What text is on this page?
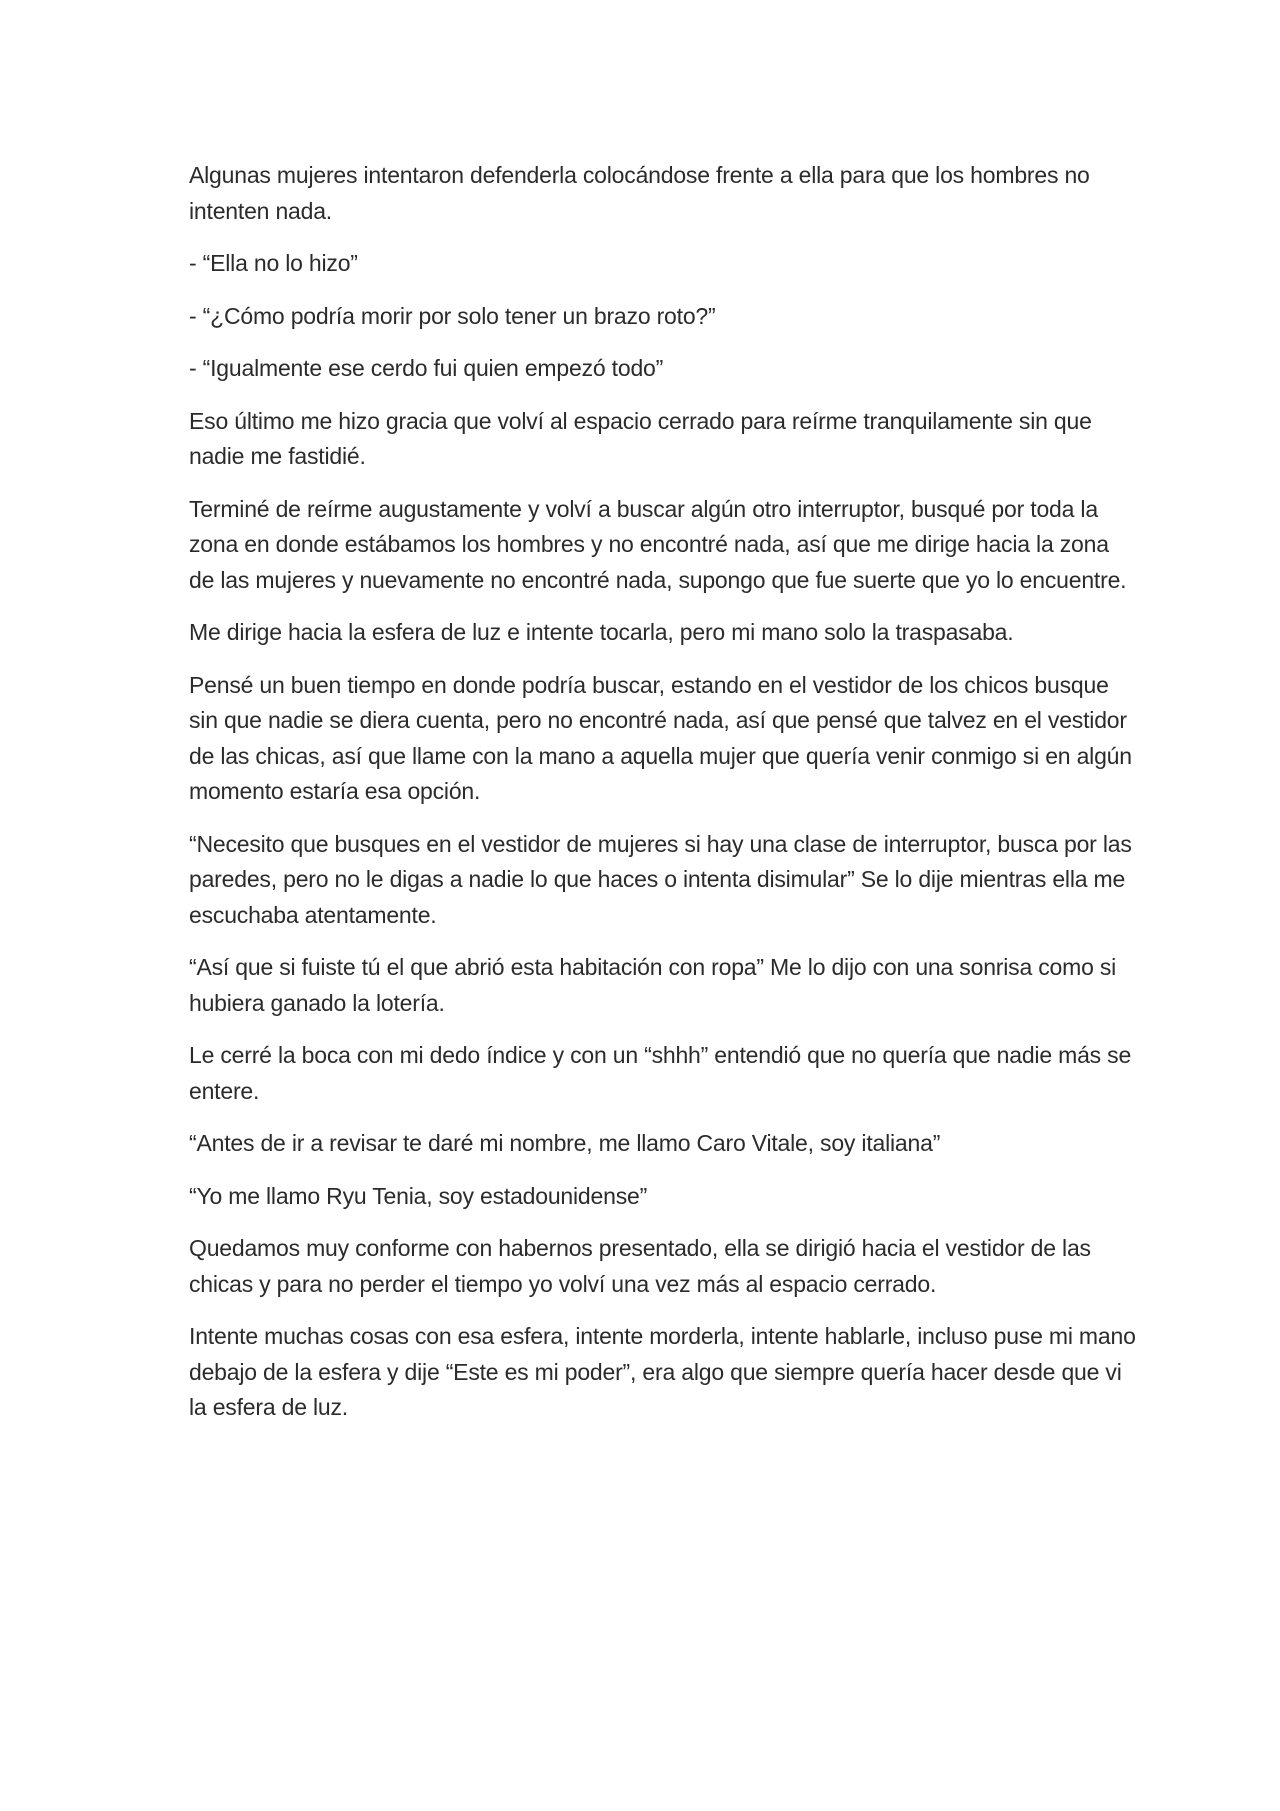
Algunas mujeres intentaron defenderla colocándose frente a ella para que los hombres no intenten nada.

- “Ella no lo hizo”

- “¿Cómo podría morir por solo tener un brazo roto?”

- “Igualmente ese cerdo fui quien empezó todo”

Eso último me hizo gracia que volví al espacio cerrado para reírme tranquilamente sin que nadie me fastidié.

Terminé de reírme augustamente y volví a buscar algún otro interruptor, busqué por toda la zona en donde estábamos los hombres y no encontré nada, así que me dirige hacia la zona de las mujeres y nuevamente no encontré nada, supongo que fue suerte que yo lo encuentre.

Me dirige hacia la esfera de luz e intente tocarla, pero mi mano solo la traspasaba.

Pensé un buen tiempo en donde podría buscar, estando en el vestidor de los chicos busque sin que nadie se diera cuenta, pero no encontré nada, así que pensé que talvez en el vestidor de las chicas, así que llame con la mano a aquella mujer que quería venir conmigo si en algún momento estaría esa opción.

“Necesito que busques en el vestidor de mujeres si hay una clase de interruptor, busca por las paredes, pero no le digas a nadie lo que haces o intenta disimular” Se lo dije mientras ella me escuchaba atentamente.

“Así que si fuiste tú el que abrió esta habitación con ropa” Me lo dijo con una sonrisa como si hubiera ganado la lotería.

Le cerré la boca con mi dedo índice y con un “shhh” entendió que no quería que nadie más se entere.

“Antes de ir a revisar te daré mi nombre, me llamo Caro Vitale, soy italiana”

“Yo me llamo Ryu Tenia, soy estadounidense”

Quedamos muy conforme con habernos presentado, ella se dirigió hacia el vestidor de las chicas y para no perder el tiempo yo volví una vez más al espacio cerrado.

Intente muchas cosas con esa esfera, intente morderla, intente hablarle, incluso puse mi mano debajo de la esfera y dije “Este es mi poder”, era algo que siempre quería hacer desde que vi la esfera de luz.
